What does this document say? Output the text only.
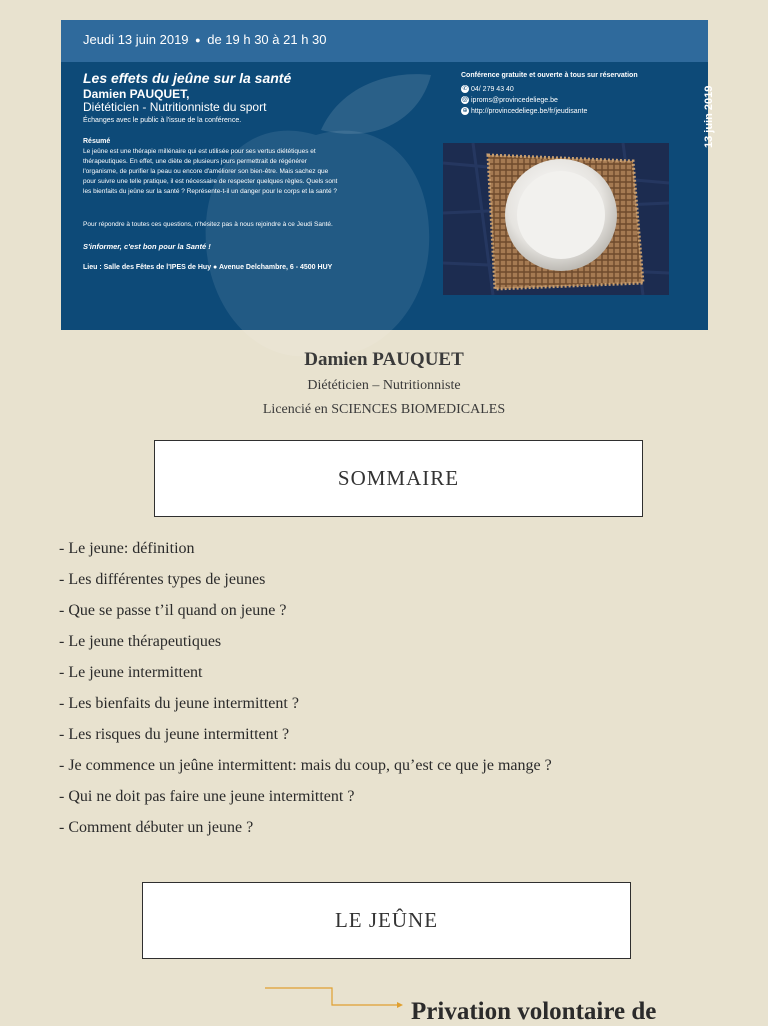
Jeudi 13 juin 2019 ● de 19 h 30 à 21 h 30
Les effets du jeûne sur la santé
Damien PAUQUET,
Diététicien - Nutritionniste du sport
Échanges avec le public à l'issue de la conférence.
Résumé
Le jeûne est une thérapie millénaire qui est utilisée pour ses vertus diététiques et thérapeutiques. En effet, une diète de plusieurs jours permettrait de régénérer l'organisme, de purifier la peau ou encore d'améliorer son bien-être. Mais sachez que pour suivre une telle pratique, il est nécessaire de respecter quelques règles. Quels sont les bienfaits du jeûne sur la santé ? Représente-t-il un danger pour le corps et la santé ?
Pour répondre à toutes ces questions, n'hésitez pas à nous rejoindre à ce Jeudi Santé.
S'informer, c'est bon pour la Santé !
Lieu : Salle des Fêtes de l'IPES de Huy ● Avenue Delchambre, 6 - 4500 HUY
Conférence gratuite et ouverte à tous sur réservation
✆ 04/ 279 43 40
@ iproms@provincedeliege.be
⊕ http://provincedeliege.be/fr/jeudisante	13 juin 2019
Damien PAUQUET
Diététicien – Nutritionniste
Licencié en SCIENCES BIOMEDICALES
SOMMAIRE
- Le jeune: définition
- Les différentes types de jeunes
- Que se passe t’il quand on jeune ?
- Le jeune thérapeutiques
- Le jeune intermittent
- Les bienfaits du jeune intermittent ?
- Les risques du jeune intermittent ?
- Je commence un jeûne intermittent: mais du coup, qu’est ce que je mange ?
- Qui ne doit pas faire une jeune intermittent ?
- Comment débuter un jeune ?
LE JEÛNE
Privation volontaire de
